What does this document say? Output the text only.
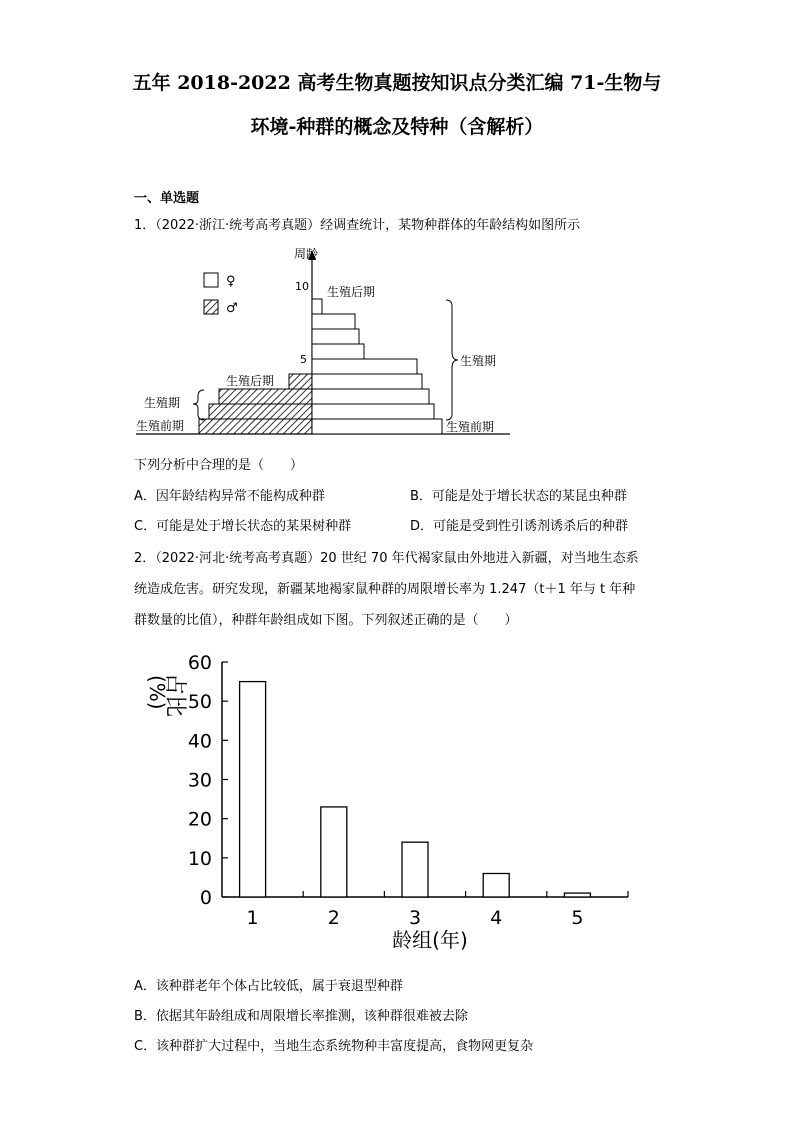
五年 2018-2022 高考生物真题按知识点分类汇编 71-生物与
环境-种群的概念及特种（含解析）
一、单选题
1．（2022·浙江·统考高考真题）经调查统计，某物种群体的年龄结构如图所示
周龄
10
5
♀
♂
生殖后期
生殖期
生殖前期
生殖后期
生殖期
生殖前期
下列分析中合理的是（　　）
A．因年龄结构异常不能构成种群	B．可能是处于增长状态的某昆虫种群
C．可能是处于增长状态的某果树种群	D．可能是受到性引诱剂诱杀后的种群
2．（2022·河北·统考高考真题）20 世纪 70 年代褐家鼠由外地进入新疆，对当地生态系
统造成危害。研究发现，新疆某地褐家鼠种群的周限增长率为 1.247（t＋1 年与 t 年种
群数量的比值），种群年龄组成如下图。下列叙述正确的是（　　）
占比
(%)
龄组(年)
0
10
20
30
40
50
60
1	2	3	4	5
A．该种群老年个体占比较低，属于衰退型种群
B．依据其年龄组成和周限增长率推测，该种群很难被去除
C．该种群扩大过程中，当地生态系统物种丰富度提高，食物网更复杂
